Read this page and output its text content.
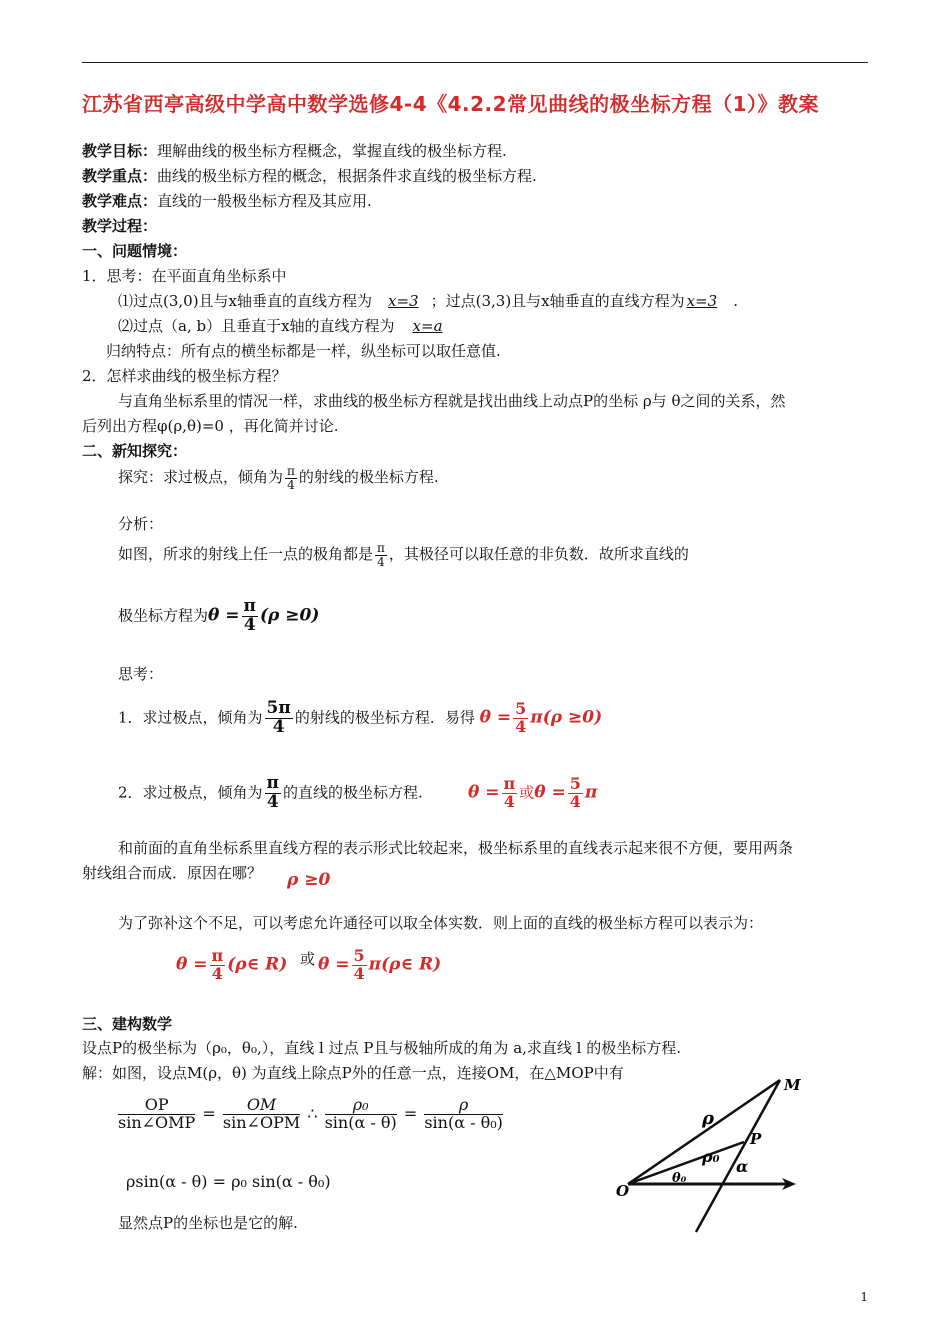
江苏省西亭高级中学高中数学选修4-4《4.2.2常见曲线的极坐标方程（1）》教案
教学目标：理解曲线的极坐标方程概念，掌握直线的极坐标方程.
教学重点：曲线的极坐标方程的概念，根据条件求直线的极坐标方程.
教学难点：直线的一般极坐标方程及其应用.
教学过程：
一、问题情境：
1．思考：在平面直角坐标系中
⑴过点(3,0)且与x轴垂直的直线方程为 x=3 ；过点(3,3)且与x轴垂直的直线方程为 x=3 .
⑵过点（a, b）且垂直于x轴的直线方程为 x=a
归纳特点：所有点的横坐标都是一样，纵坐标可以取任意值.
2．怎样求曲线的极坐标方程？
与直角坐标系里的情况一样，求曲线的极坐标方程就是找出曲线上动点P的坐标 ρ与 θ之间的关系，然
后列出方程φ(ρ,θ)=0 ，再化简并讨论.
二、新知探究：
探究：求过极点，倾角为 $\frac{\pi}{4}$ 的射线的极坐标方程.
分析：
如图，所求的射线上任一点的极角都是 $\frac{\pi}{4}$ ，其极径可以取任意的非负数．故所求直线的
极坐标方程为$\theta = \frac{\pi}{4} (\rho \ge 0)$
思考：
1．求过极点，倾角为 $\frac{5\pi}{4}$ 的射线的极坐标方程．易得 $\theta = \frac{5}{4} \pi(\rho \ge 0)$
2．求过极点，倾角为 $\frac{\pi}{4}$ 的直线的极坐标方程.	$\theta = \frac{\pi}{4}$ 或$\theta = \frac{5}{4}$ π
和前面的直角坐标系里直线方程的表示形式比较起来，极坐标系里的直线表示起来很不方便，要用两条
射线组合而成．原因在哪？ ρ ≥0
为了弥补这个不足，可以考虑允许通径可以取全体实数．则上面的直线的极坐标方程可以表示为：
$\theta = \frac{\pi}{4}$ (ρ∈ R) 或 $\theta = \frac{5}{4}$ π(ρ∈ R)
三、建构数学
设点P的极坐标为（ρ₀，θ₀,），直线 l 过点 P且与极轴所成的角为 a,求直线 l 的极坐标方程.
解：如图，设点M(ρ，θ) 为直线上除点P外的任意一点，连接OM，在△MOP中有
$\frac{OP}{\text{sin∠OMP}} = \frac{OM}{\text{sin∠OPM}}$ ∴ $\frac{\text{ρ₀}}{\sin(\alpha - \theta)} = \frac{\rho}{\text{sin(α - θ₀)}}$
ρsin(α - θ) = ρ₀ sin(α - θ₀)
显然点P的坐标也是它的解.
M
P
O
ρ
ρ₀
α
θ₀
1
